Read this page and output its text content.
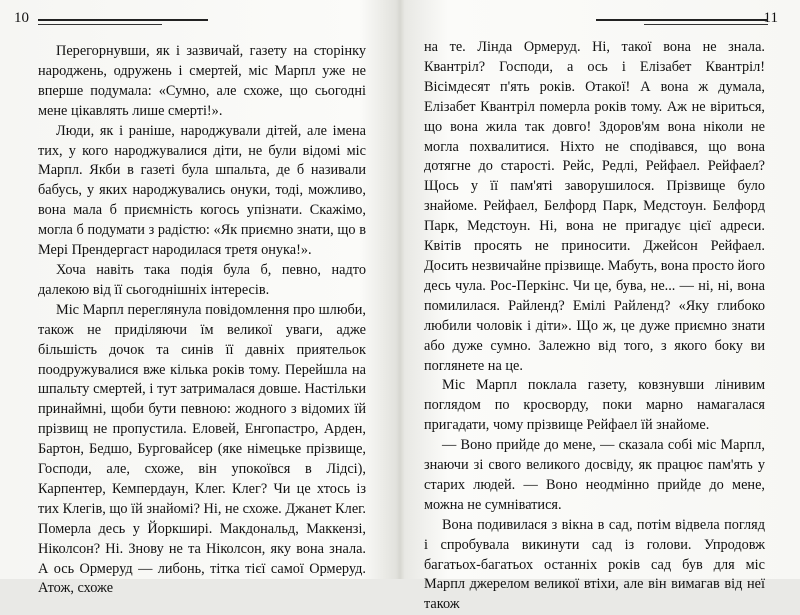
10

Перегорнувши, як і зазвичай, газету на сторінку народжень, одружень і смертей, міс Марпл уже не вперше подумала: «Сумно, але схоже, що сьогодні мене цікавлять лише смерті!».

Люди, як і раніше, народжували дітей, але імена тих, у кого народжувалися діти, не були відомі міс Марпл. Якби в газеті була шпальта, де б називали бабусь, у яких народжувались онуки, тоді, можливо, вона мала б приємність когось упізнати. Скажімо, могла б подумати з радістю: «Як приємно знати, що в Мері Прендергаст народилася третя онука!».

Хоча навіть така подія була б, певно, надто далекою від її сьогоднішніх інтересів.

Міс Марпл переглянула повідомлення про шлюби, також не приділяючи їм великої уваги, адже більшість дочок та синів її давніх приятельок поодружувалися вже кілька років тому. Перейшла на шпальту смертей, і тут затрималася довше. Настільки принаймні, щоби бути певною: жодного з відомих їй прізвищ не пропустила. Еловей, Енгопастро, Арден, Бартон, Бедшо, Бурговайсер (яке німецьке прізвище, Господи, але, схоже, він упокоївся в Лідсі), Карпентер, Кемпердаун, Клег. Клег? Чи це хтось із тих Клегів, що їй знайомі? Ні, не схоже. Джанет Клег. Померла десь у Йоркширі. Макдональд, Маккензі, Ніколсон? Ні. Знову не та Ніколсон, яку вона знала. А ось Ормеруд — либонь, тітка тієї самої Ормеруд. Атож, схоже

11

на те. Лінда Ормеруд. Ні, такої вона не знала. Квантріл? Господи, а ось і Елізабет Квантріл! Вісімдесят п'ять років. Отакої! А вона ж думала, Елізабет Квантріл померла років тому. Аж не віриться, що вона жила так довго! Здоров'ям вона ніколи не могла похвалитися. Ніхто не сподівався, що вона дотягне до старості. Рейс, Редлі, Рейфаел. Рейфаел? Щось у її пам'яті заворушилося. Прізвище було знайоме. Рейфаел, Белфорд Парк, Медстоун. Белфорд Парк, Медстоун. Ні, вона не пригадує цієї адреси. Квітів просять не приносити. Джейсон Рейфаел. Досить незвичайне прізвище. Мабуть, вона просто його десь чула. Рос-Перкінс. Чи це, бува, не... — ні, ні, вона помилилася. Райленд? Емілі Райленд? «Яку глибоко любили чоловік і діти». Що ж, це дуже приємно знати або дуже сумно. Залежно від того, з якого боку ви поглянете на це.

Міс Марпл поклала газету, ковзнувши лінивим поглядом по кросворду, поки марно намагалася пригадати, чому прізвище Рейфаел їй знайоме.

— Воно прийде до мене, — сказала собі міс Марпл, знаючи зі свого великого досвіду, як працює пам'ять у старих людей. — Воно неодмінно прийде до мене, можна не сумніватися.

Вона подивилася з вікна в сад, потім відвела погляд і спробувала викинути сад із голови. Упродовж багатьох-багатьох останніх років сад був для міс Марпл джерелом великої втіхи, але він вимагав від неї також
